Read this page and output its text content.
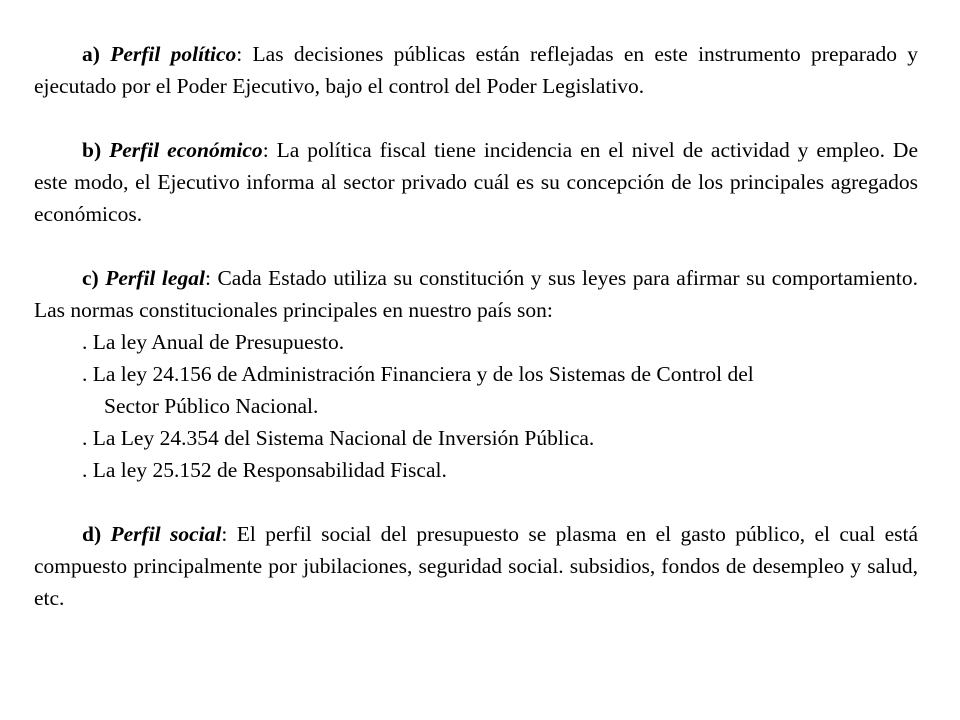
a) Perfil político: Las decisiones públicas están reflejadas en este instrumento preparado y ejecutado por el Poder Ejecutivo, bajo el control del Poder Legislativo.

b) Perfil económico: La política fiscal tiene incidencia en el nivel de actividad y empleo. De este modo, el Ejecutivo informa al sector privado cuál es su concepción de los principales agregados económicos.

c) Perfil legal: Cada Estado utiliza su constitución y sus leyes para afirmar su comportamiento. Las normas constitucionales principales en nuestro país son:

. La ley Anual de Presupuesto.

. La ley 24.156 de Administración Financiera y de los Sistemas de Control del
Sector Público Nacional.

. La Ley 24.354 del Sistema Nacional de Inversión Pública.

. La ley 25.152 de Responsabilidad Fiscal.

d) Perfil social: El perfil social del presupuesto se plasma en el gasto público, el cual está compuesto principalmente por jubilaciones, seguridad social. subsidios, fondos de desempleo y salud, etc.
